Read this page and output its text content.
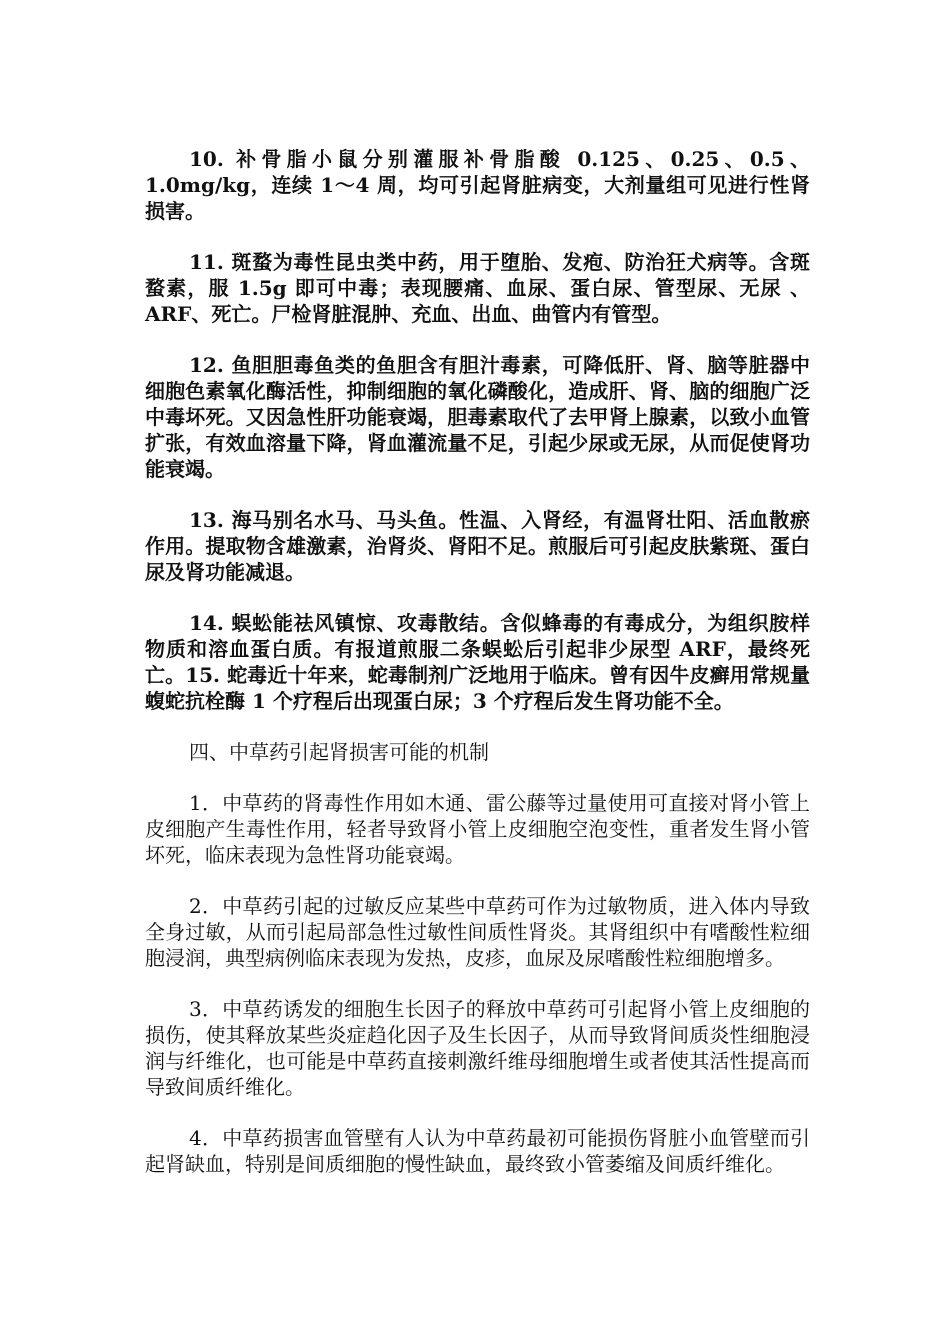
10. 补骨脂小鼠分别灌服补骨脂酸 0.125、0.25、0.5、1.0mg/kg，连续 1～4 周，均可引起肾脏病变，大剂量组可见进行性肾损害。

11. 斑蝥为毒性昆虫类中药，用于堕胎、发疱、防治狂犬病等。含斑蝥素，服 1.5g 即可中毒；表现腰痛、血尿、蛋白尿、管型尿、无尿 、ARF、死亡。尸检肾脏混肿、充血、出血、曲管内有管型。

12. 鱼胆胆毒鱼类的鱼胆含有胆汁毒素，可降低肝、肾、脑等脏器中细胞色素氧化酶活性，抑制细胞的氧化磷酸化，造成肝、肾、脑的细胞广泛中毒坏死。又因急性肝功能衰竭，胆毒素取代了去甲肾上腺素，以致小血管扩张，有效血溶量下降，肾血灌流量不足，引起少尿或无尿，从而促使肾功能衰竭。

13. 海马别名水马、马头鱼。性温、入肾经，有温肾壮阳、活血散瘀作用。提取物含雄激素，治肾炎、肾阳不足。煎服后可引起皮肤紫斑、蛋白尿及肾功能减退。

14. 蜈蚣能祛风镇惊、攻毒散结。含似蜂毒的有毒成分，为组织胺样物质和溶血蛋白质。有报道煎服二条蜈蚣后引起非少尿型 ARF，最终死亡。15. 蛇毒近十年来，蛇毒制剂广泛地用于临床。曾有因牛皮癣用常规量蝮蛇抗栓酶 1 个疗程后出现蛋白尿；3 个疗程后发生肾功能不全。

四、中草药引起肾损害可能的机制

1．中草药的肾毒性作用如木通、雷公藤等过量使用可直接对肾小管上皮细胞产生毒性作用，轻者导致肾小管上皮细胞空泡变性，重者发生肾小管坏死，临床表现为急性肾功能衰竭。

2．中草药引起的过敏反应某些中草药可作为过敏物质，进入体内导致全身过敏，从而引起局部急性过敏性间质性肾炎。其肾组织中有嗜酸性粒细胞浸润，典型病例临床表现为发热，皮疹，血尿及尿嗜酸性粒细胞增多。

3．中草药诱发的细胞生长因子的释放中草药可引起肾小管上皮细胞的损伤，使其释放某些炎症趋化因子及生长因子，从而导致肾间质炎性细胞浸润与纤维化，也可能是中草药直接刺激纤维母细胞增生或者使其活性提高而导致间质纤维化。

4．中草药损害血管壁有人认为中草药最初可能损伤肾脏小血管壁而引起肾缺血，特别是间质细胞的慢性缺血，最终致小管萎缩及间质纤维化。
